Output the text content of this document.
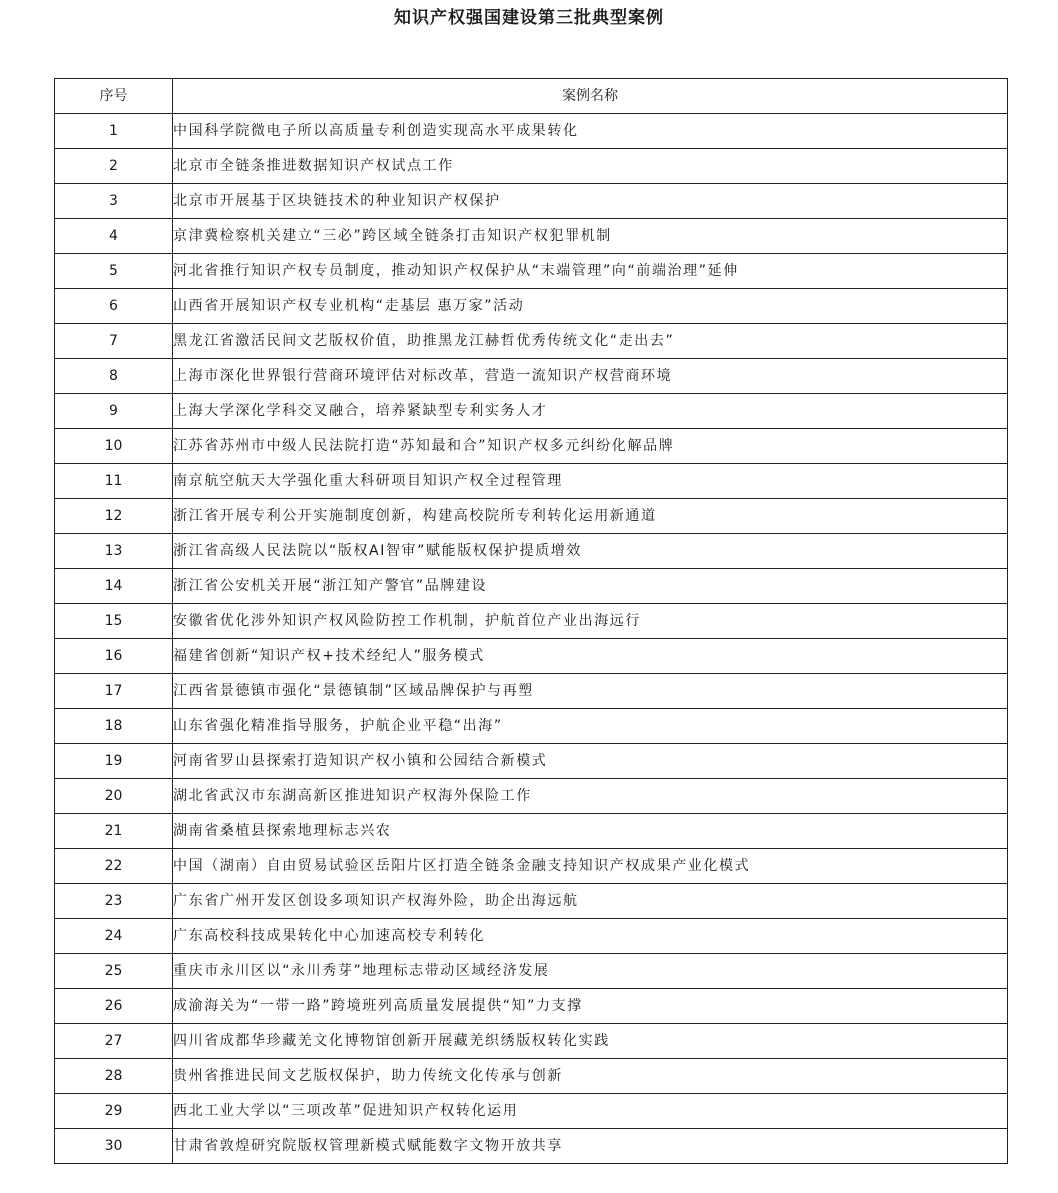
知识产权强国建设第三批典型案例
序号	案例名称
1	中国科学院微电子所以高质量专利创造实现高水平成果转化
2	北京市全链条推进数据知识产权试点工作
3	北京市开展基于区块链技术的种业知识产权保护
4	京津冀检察机关建立“三必”跨区域全链条打击知识产权犯罪机制
5	河北省推行知识产权专员制度，推动知识产权保护从“末端管理”向“前端治理”延伸
6	山西省开展知识产权专业机构“走基层 惠万家”活动
7	黑龙江省激活民间文艺版权价值，助推黑龙江赫哲优秀传统文化“走出去”
8	上海市深化世界银行营商环境评估对标改革，营造一流知识产权营商环境
9	上海大学深化学科交叉融合，培养紧缺型专利实务人才
10	江苏省苏州市中级人民法院打造“苏知最和合”知识产权多元纠纷化解品牌
11	南京航空航天大学强化重大科研项目知识产权全过程管理
12	浙江省开展专利公开实施制度创新，构建高校院所专利转化运用新通道
13	浙江省高级人民法院以“版权AI智审”赋能版权保护提质增效
14	浙江省公安机关开展“浙江知产警官”品牌建设
15	安徽省优化涉外知识产权风险防控工作机制，护航首位产业出海远行
16	福建省创新“知识产权+技术经纪人”服务模式
17	江西省景德镇市强化“景德镇制”区域品牌保护与再塑
18	山东省强化精准指导服务，护航企业平稳“出海”
19	河南省罗山县探索打造知识产权小镇和公园结合新模式
20	湖北省武汉市东湖高新区推进知识产权海外保险工作
21	湖南省桑植县探索地理标志兴农
22	中国（湖南）自由贸易试验区岳阳片区打造全链条金融支持知识产权成果产业化模式
23	广东省广州开发区创设多项知识产权海外险，助企出海远航
24	广东高校科技成果转化中心加速高校专利转化
25	重庆市永川区以“永川秀芽”地理标志带动区域经济发展
26	成渝海关为“一带一路”跨境班列高质量发展提供“知”力支撑
27	四川省成都华珍藏羌文化博物馆创新开展藏羌织绣版权转化实践
28	贵州省推进民间文艺版权保护，助力传统文化传承与创新
29	西北工业大学以“三项改革”促进知识产权转化运用
30	甘肃省敦煌研究院版权管理新模式赋能数字文物开放共享
